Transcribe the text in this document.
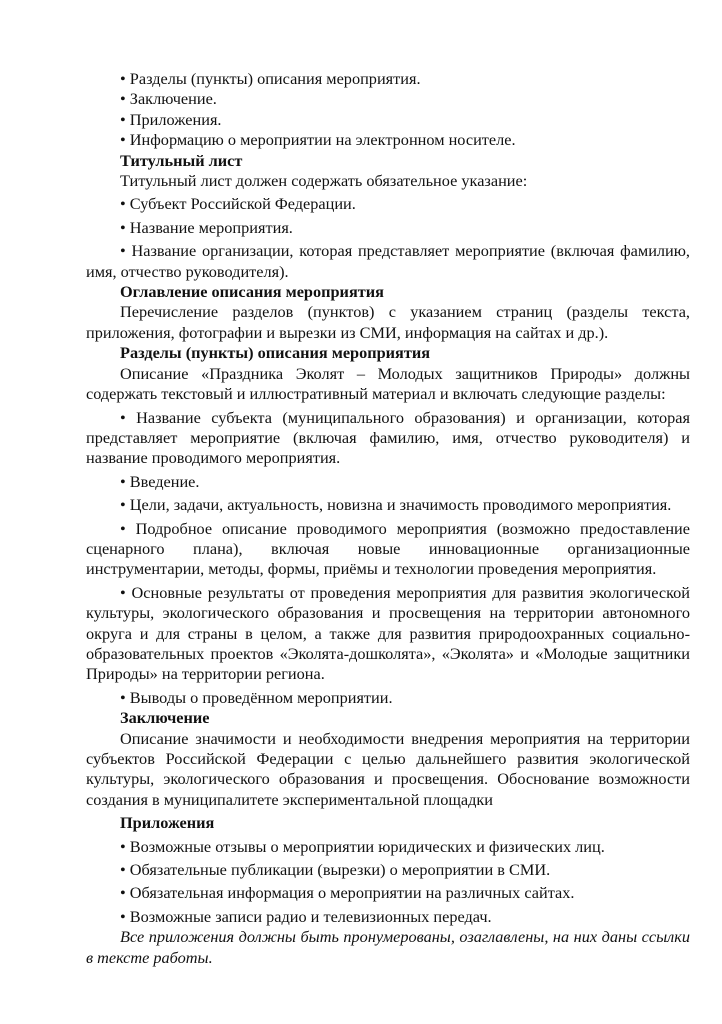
• Разделы (пункты) описания мероприятия.

• Заключение.

• Приложения.

• Информацию о мероприятии на электронном носителе.

Титульный лист

Титульный лист должен содержать обязательное указание:

• Субъект Российской Федерации.

• Название мероприятия.

• Название организации, которая представляет мероприятие (включая фамилию, имя, отчество руководителя).

Оглавление описания мероприятия

Перечисление разделов (пунктов) с указанием страниц (разделы текста, приложения, фотографии и вырезки из СМИ, информация на сайтах и др.).

Разделы (пункты) описания мероприятия

Описание «Праздника Эколят – Молодых защитников Природы» должны содержать текстовый и иллюстративный материал и включать следующие разделы:

• Название субъекта (муниципального образования) и организации, которая представляет мероприятие (включая фамилию, имя, отчество руководителя) и название проводимого мероприятия.

• Введение.

• Цели, задачи, актуальность, новизна и значимость проводимого мероприятия.

• Подробное описание проводимого мероприятия (возможно предоставление сценарного плана), включая новые инновационные организационные инструментарии, методы, формы, приёмы и технологии проведения мероприятия.

• Основные результаты от проведения мероприятия для развития экологической культуры, экологического образования и просвещения на территории автономного округа и для страны в целом, а также для развития природоохранных социально-образовательных проектов «Эколята-дошколята», «Эколята» и «Молодые защитники Природы» на территории региона.

• Выводы о проведённом мероприятии.

Заключение

Описание значимости и необходимости внедрения мероприятия на территории субъектов Российской Федерации с целью дальнейшего развития экологической культуры, экологического образования и просвещения. Обоснование возможности создания в муниципалитете экспериментальной площадки

Приложения

• Возможные отзывы о мероприятии юридических и физических лиц.

• Обязательные публикации (вырезки) о мероприятии в СМИ.

• Обязательная информация о мероприятии на различных сайтах.

• Возможные записи радио и телевизионных передач.

Все приложения должны быть пронумерованы, озаглавлены, на них даны ссылки в тексте работы.
